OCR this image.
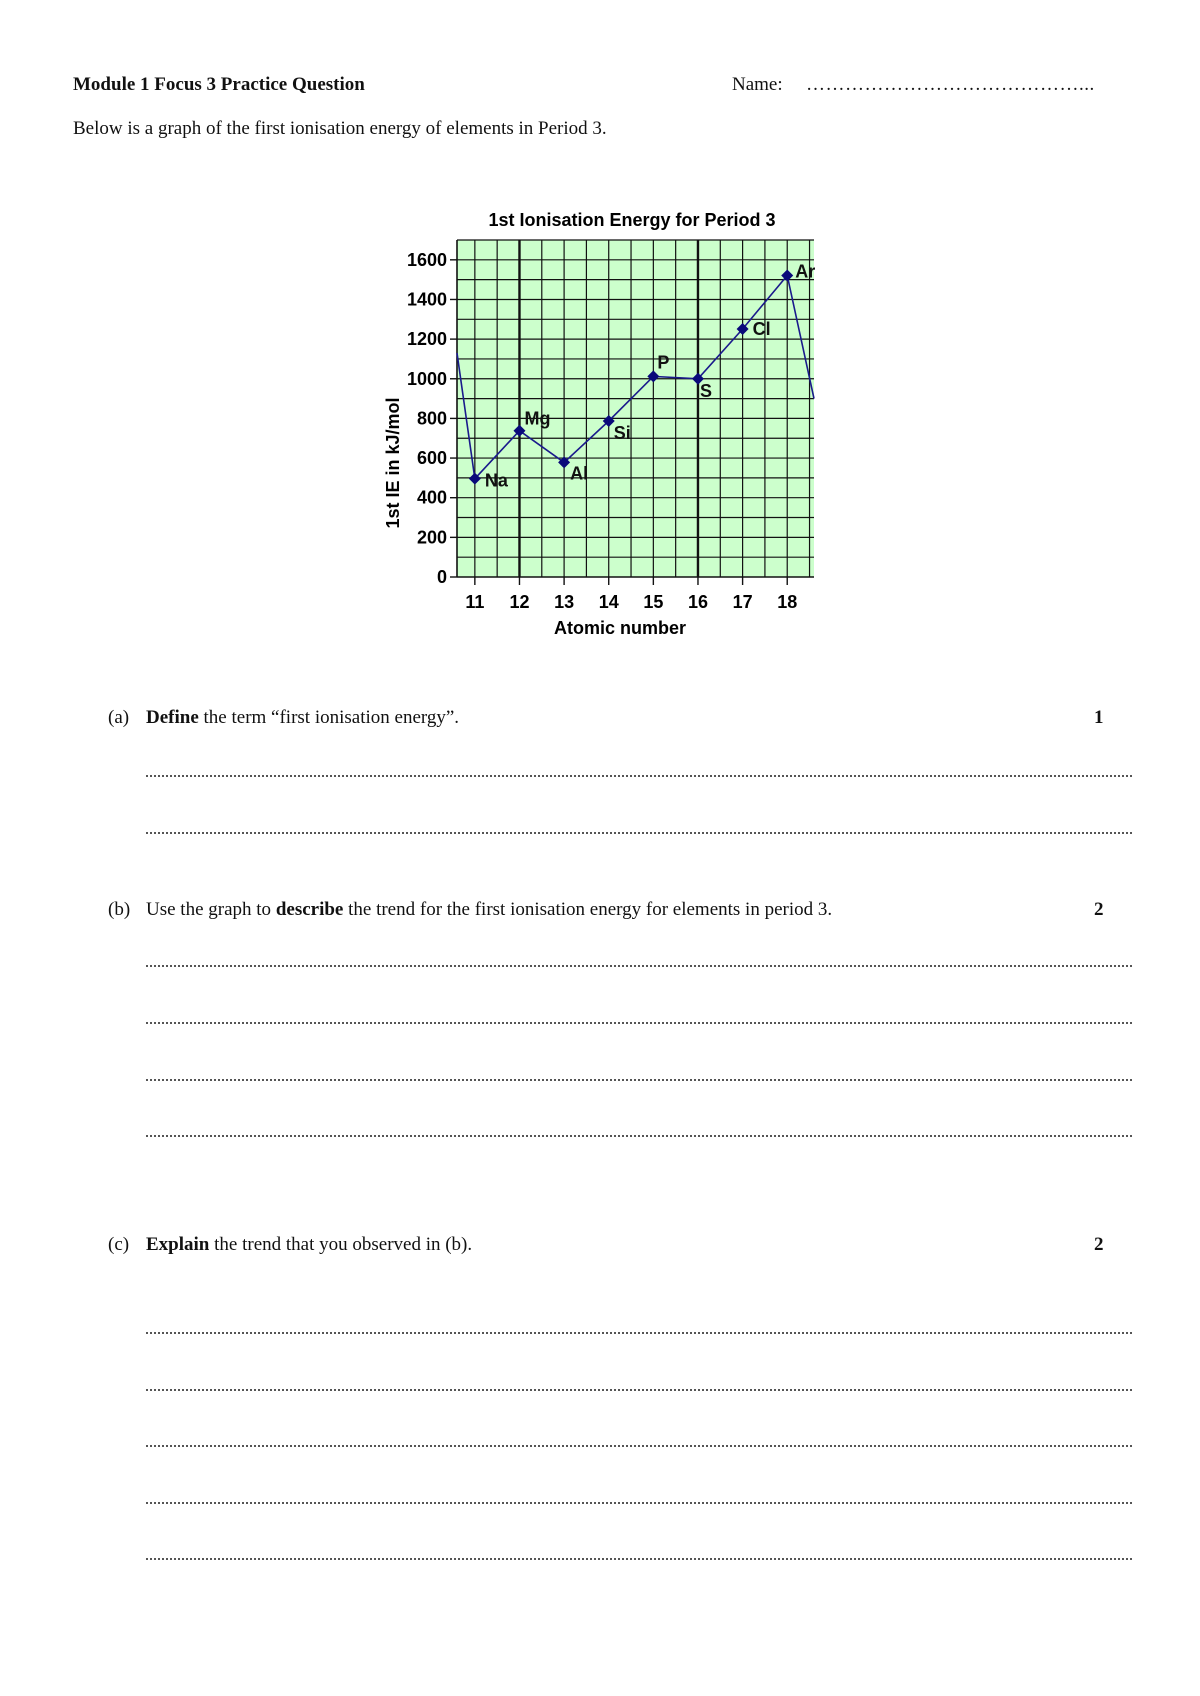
Module 1 Focus 3 Practice Question	Name: ……………………………………...
Below is a graph of the first ionisation energy of elements in Period 3.
1st Ionisation Energy for Period 3
11 12 13 14 15 16 17 18
0
200
400
600
800
1000
1200
1400
1600
Na
Mg
Al
Si
P
S
Cl
Ar
Atomic number
1st IE in kJ/mol
(a) Define the term “first ionisation energy”.	1
(b) Use the graph to describe the trend for the first ionisation energy for elements in period 3.	2
(c) Explain the trend that you observed in (b).	2
